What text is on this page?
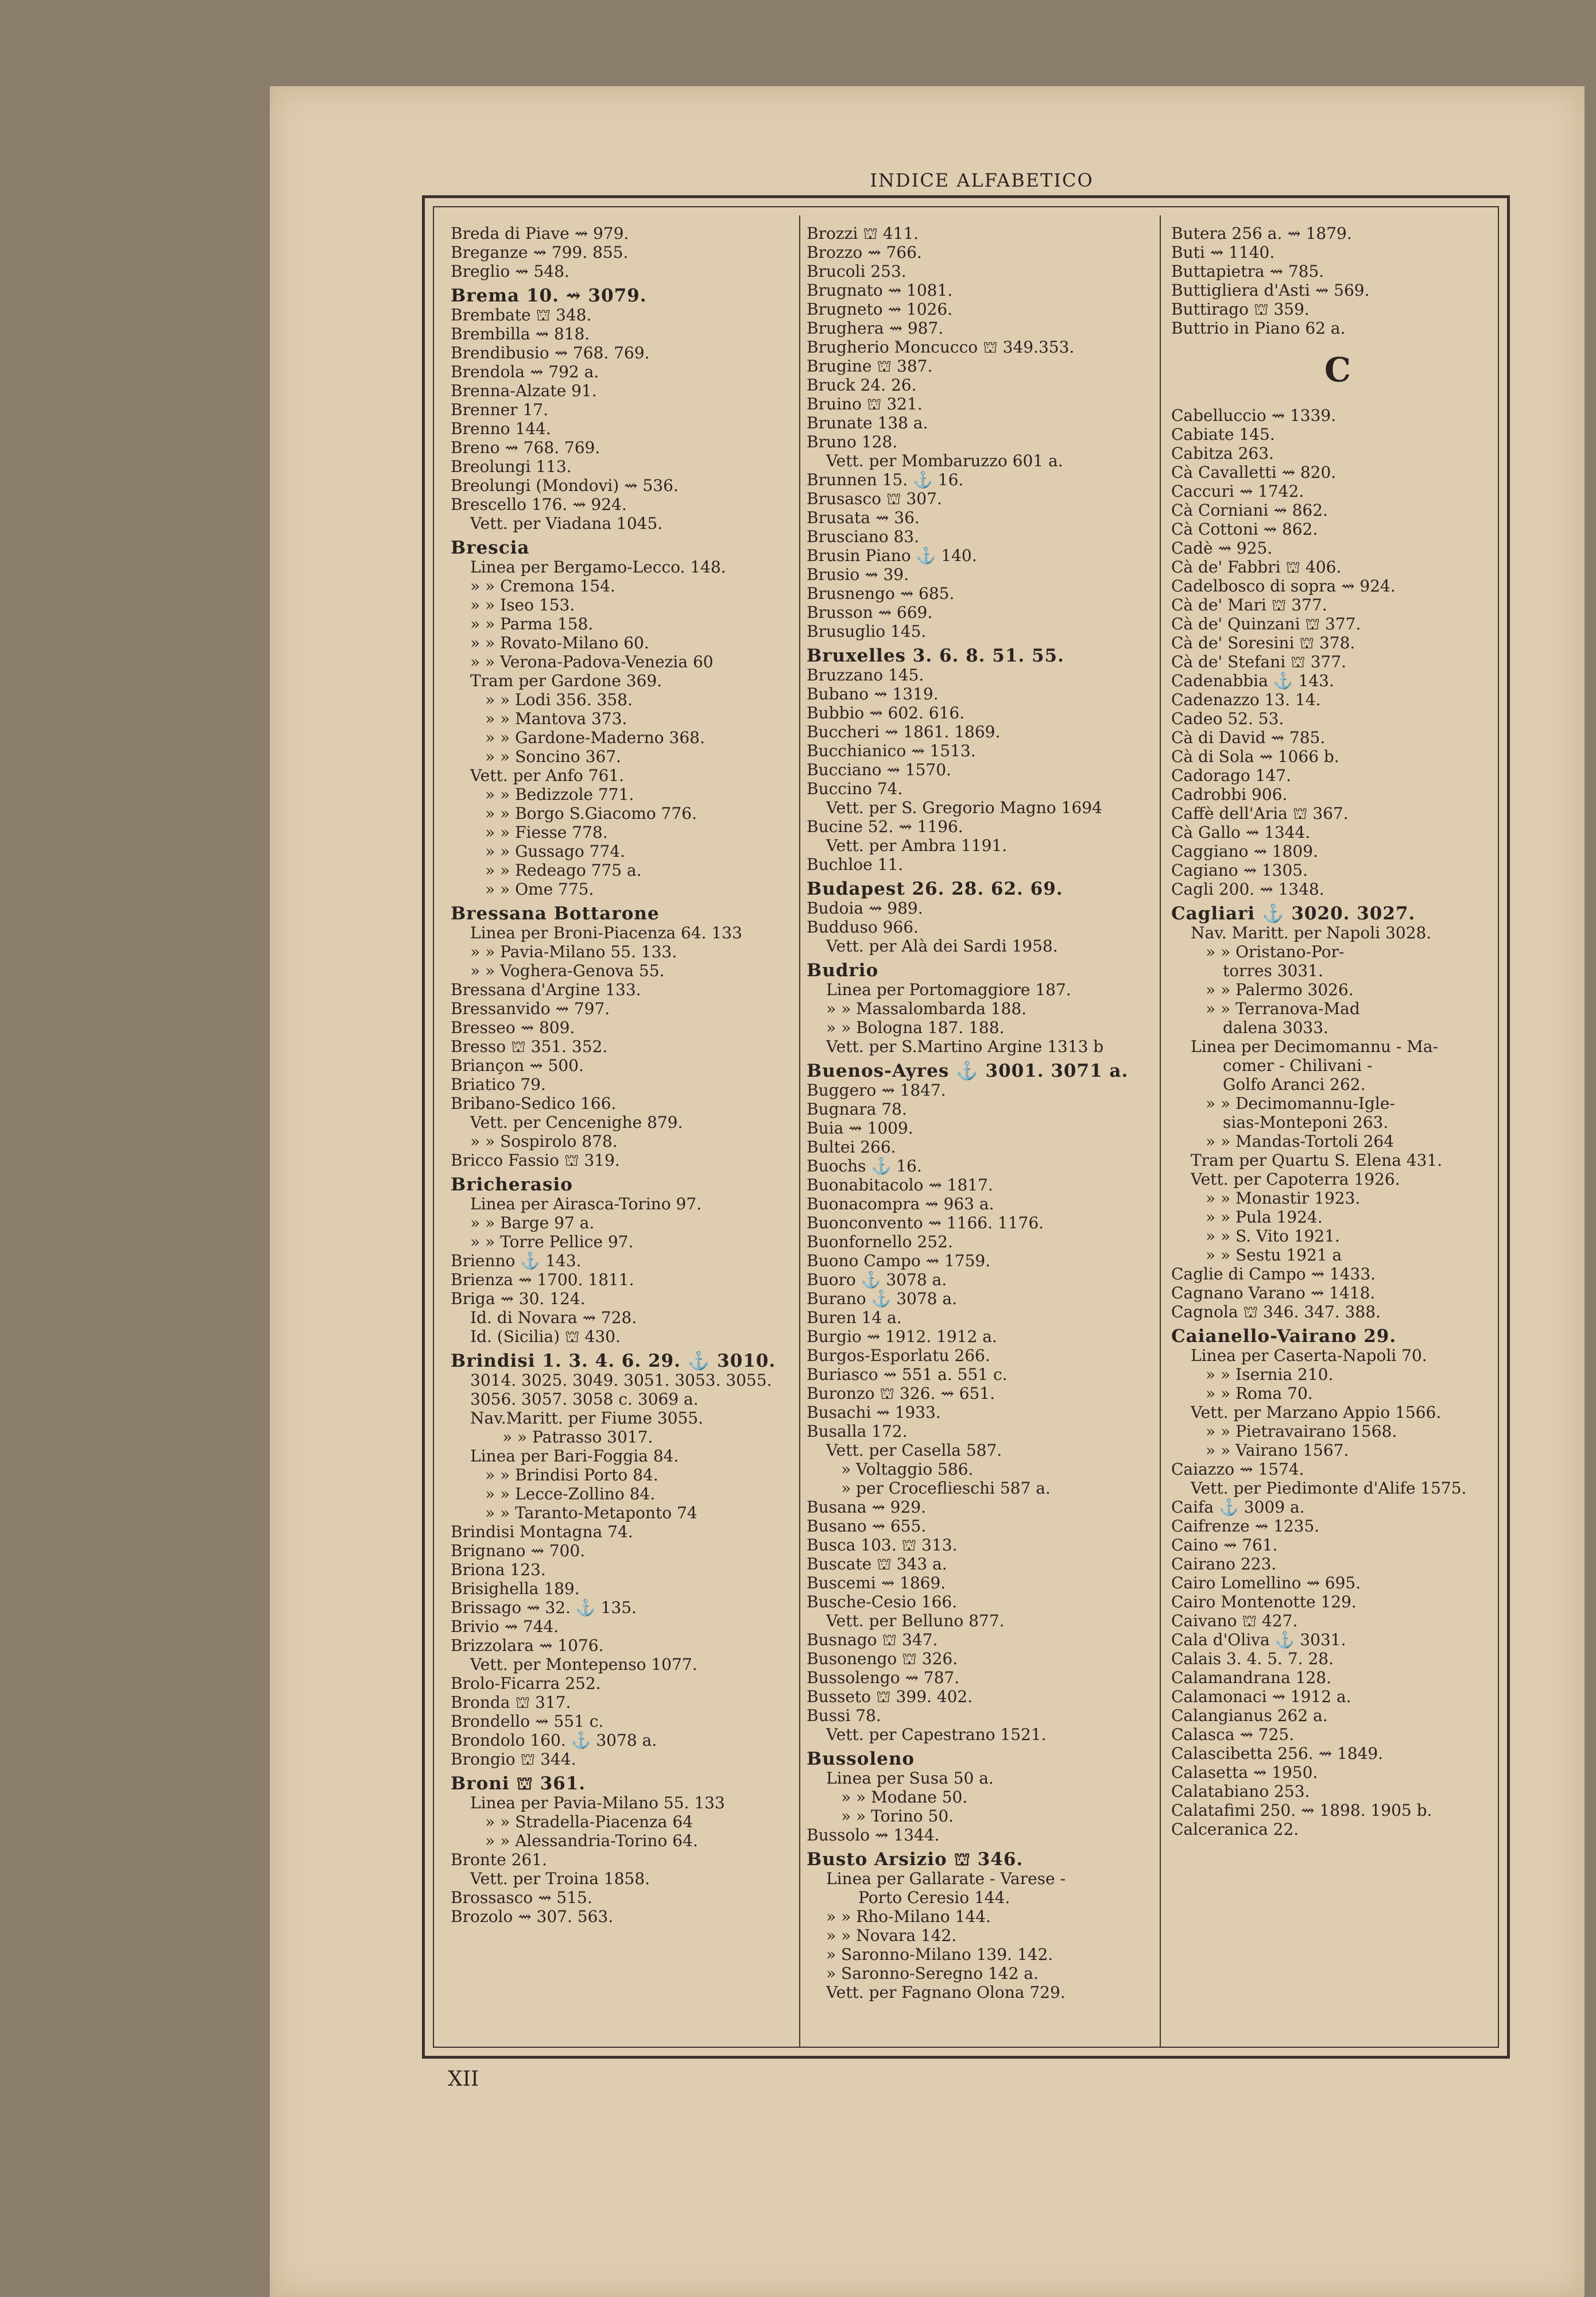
INDICE ALFABETICO
Breda di Piave ⇝ 979.
Breganze ⇝ 799. 855.
Breglio ⇝ 548.
Brema 10. ⇝ 3079.
Brembate ⛫ 348.
Brembilla ⇝ 818.
Brendibusio ⇝ 768. 769.
Brendola ⇝ 792 a.
Brenna-Alzate 91.
Brenner 17.
Brenno 144.
Breno ⇝ 768. 769.
Breolungi 113.
Breolungi (Mondovi) ⇝ 536.
Brescello 176. ⇝ 924.
Vett. per Viadana 1045.
Brescia
Linea per Bergamo-Lecco. 148.
» » Cremona 154.
» » Iseo 153.
» » Parma 158.
» » Rovato-Milano 60.
» » Verona-Padova-Venezia 60
Tram per Gardone 369.
» » Lodi 356. 358.
» » Mantova 373.
» » Gardone-Maderno 368.
» » Soncino 367.
Vett. per Anfo 761.
» » Bedizzole 771.
» » Borgo S.Giacomo 776.
» » Fiesse 778.
» » Gussago 774.
» » Redeago 775 a.
» » Ome 775.
Bressana Bottarone
Linea per Broni-Piacenza 64. 133
» » Pavia-Milano 55. 133.
» » Voghera-Genova 55.
Bressana d'Argine 133.
Bressanvido ⇝ 797.
Bresseo ⇝ 809.
Bresso ⛫ 351. 352.
Briançon ⇝ 500.
Briatico 79.
Bribano-Sedico 166.
Vett. per Cencenighe 879.
» » Sospirolo 878.
Bricco Fassio ⛫ 319.
Bricherasio
Linea per Airasca-Torino 97.
» » Barge 97 a.
» » Torre Pellice 97.
Brienno ⚓ 143.
Brienza ⇝ 1700. 1811.
Briga ⇝ 30. 124.
Id. di Novara ⇝ 728.
Id. (Sicilia) ⛫ 430.
Brindisi 1. 3. 4. 6. 29. ⚓ 3010.
3014. 3025. 3049. 3051. 3053. 3055.
3056. 3057. 3058 c. 3069 a.
Nav.Maritt. per Fiume 3055.
» » Patrasso 3017.
Linea per Bari-Foggia 84.
» » Brindisi Porto 84.
» » Lecce-Zollino 84.
» » Taranto-Metaponto 74
Brindisi Montagna 74.
Brignano ⇝ 700.
Briona 123.
Brisighella 189.
Brissago ⇝ 32. ⚓ 135.
Brivio ⇝ 744.
Brizzolara ⇝ 1076.
Vett. per Montepenso 1077.
Brolo-Ficarra 252.
Bronda ⛫ 317.
Brondello ⇝ 551 c.
Brondolo 160. ⚓ 3078 a.
Brongio ⛫ 344.
Broni ⛫ 361.
Linea per Pavia-Milano 55. 133
» » Stradella-Piacenza 64
» » Alessandria-Torino 64.
Bronte 261.
Vett. per Troina 1858.
Brossasco ⇝ 515.
Brozolo ⇝ 307. 563.
Brozzi ⛫ 411.
Brozzo ⇝ 766.
Brucoli 253.
Brugnato ⇝ 1081.
Brugneto ⇝ 1026.
Brughera ⇝ 987.
Brugherio Moncucco ⛫ 349.353.
Brugine ⛫ 387.
Bruck 24. 26.
Bruino ⛫ 321.
Brunate 138 a.
Bruno 128.
Vett. per Mombaruzzo 601 a.
Brunnen 15. ⚓ 16.
Brusasco ⛫ 307.
Brusata ⇝ 36.
Brusciano 83.
Brusin Piano ⚓ 140.
Brusio ⇝ 39.
Brusnengo ⇝ 685.
Brusson ⇝ 669.
Brusuglio 145.
Bruxelles 3. 6. 8. 51. 55.
Bruzzano 145.
Bubano ⇝ 1319.
Bubbio ⇝ 602. 616.
Buccheri ⇝ 1861. 1869.
Bucchianico ⇝ 1513.
Bucciano ⇝ 1570.
Buccino 74.
Vett. per S. Gregorio Magno 1694
Bucine 52. ⇝ 1196.
Vett. per Ambra 1191.
Buchloe 11.
Budapest 26. 28. 62. 69.
Budoia ⇝ 989.
Budduso 966.
Vett. per Alà dei Sardi 1958.
Budrio
Linea per Portomaggiore 187.
» » Massalombarda 188.
» » Bologna 187. 188.
Vett. per S.Martino Argine 1313 b
Buenos-Ayres ⚓ 3001. 3071 a.
Buggero ⇝ 1847.
Bugnara 78.
Buia ⇝ 1009.
Bultei 266.
Buochs ⚓ 16.
Buonabitacolo ⇝ 1817.
Buonacompra ⇝ 963 a.
Buonconvento ⇝ 1166. 1176.
Buonfornello 252.
Buono Campo ⇝ 1759.
Buoro ⚓ 3078 a.
Burano ⚓ 3078 a.
Buren 14 a.
Burgio ⇝ 1912. 1912 a.
Burgos-Esporlatu 266.
Buriasco ⇝ 551 a. 551 c.
Buronzo ⛫ 326. ⇝ 651.
Busachi ⇝ 1933.
Busalla 172.
Vett. per Casella 587.
» Voltaggio 586.
» per Croceflieschi 587 a.
Busana ⇝ 929.
Busano ⇝ 655.
Busca 103. ⛫ 313.
Buscate ⛫ 343 a.
Buscemi ⇝ 1869.
Busche-Cesio 166.
Vett. per Belluno 877.
Busnago ⛫ 347.
Busonengo ⛫ 326.
Bussolengo ⇝ 787.
Busseto ⛫ 399. 402.
Bussi 78.
Vett. per Capestrano 1521.
Bussoleno
Linea per Susa 50 a.
» » Modane 50.
» » Torino 50.
Bussolo ⇝ 1344.
Busto Arsizio ⛫ 346.
Linea per Gallarate - Varese -
Porto Ceresio 144.
» » Rho-Milano 144.
» » Novara 142.
» Saronno-Milano 139. 142.
» Saronno-Seregno 142 a.
Vett. per Fagnano Olona 729.
Butera 256 a. ⇝ 1879.
Buti ⇝ 1140.
Buttapietra ⇝ 785.
Buttigliera d'Asti ⇝ 569.
Buttirago ⛫ 359.
Buttrio in Piano 62 a.
C
Cabelluccio ⇝ 1339.
Cabiate 145.
Cabitza 263.
Cà Cavalletti ⇝ 820.
Caccuri ⇝ 1742.
Cà Corniani ⇝ 862.
Cà Cottoni ⇝ 862.
Cadè ⇝ 925.
Cà de' Fabbri ⛫ 406.
Cadelbosco di sopra ⇝ 924.
Cà de' Mari ⛫ 377.
Cà de' Quinzani ⛫ 377.
Cà de' Soresini ⛫ 378.
Cà de' Stefani ⛫ 377.
Cadenabbia ⚓ 143.
Cadenazzo 13. 14.
Cadeo 52. 53.
Cà di David ⇝ 785.
Cà di Sola ⇝ 1066 b.
Cadorago 147.
Cadrobbi 906.
Caffè dell'Aria ⛫ 367.
Cà Gallo ⇝ 1344.
Caggiano ⇝ 1809.
Cagiano ⇝ 1305.
Cagli 200. ⇝ 1348.
Cagliari ⚓ 3020. 3027.
Nav. Maritt. per Napoli 3028.
» » Oristano-Por-
torres 3031.
» » Palermo 3026.
» » Terranova-Mad
dalena 3033.
Linea per Decimomannu - Ma-
comer - Chilivani -
Golfo Aranci 262.
» » Decimomannu-Igle-
sias-Monteponi 263.
» » Mandas-Tortoli 264
Tram per Quartu S. Elena 431.
Vett. per Capoterra 1926.
» » Monastir 1923.
» » Pula 1924.
» » S. Vito 1921.
» » Sestu 1921 a
Caglie di Campo ⇝ 1433.
Cagnano Varano ⇝ 1418.
Cagnola ⛫ 346. 347. 388.
Caianello-Vairano 29.
Linea per Caserta-Napoli 70.
» » Isernia 210.
» » Roma 70.
Vett. per Marzano Appio 1566.
» » Pietravairano 1568.
» » Vairano 1567.
Caiazzo ⇝ 1574.
Vett. per Piedimonte d'Alife 1575.
Caifa ⚓ 3009 a.
Caifrenze ⇝ 1235.
Caino ⇝ 761.
Cairano 223.
Cairo Lomellino ⇝ 695.
Cairo Montenotte 129.
Caivano ⛫ 427.
Cala d'Oliva ⚓ 3031.
Calais 3. 4. 5. 7. 28.
Calamandrana 128.
Calamonaci ⇝ 1912 a.
Calangianus 262 a.
Calasca ⇝ 725.
Calascibetta 256. ⇝ 1849.
Calasetta ⇝ 1950.
Calatabiano 253.
Calatafimi 250. ⇝ 1898. 1905 b.
Calceranica 22.
XII
